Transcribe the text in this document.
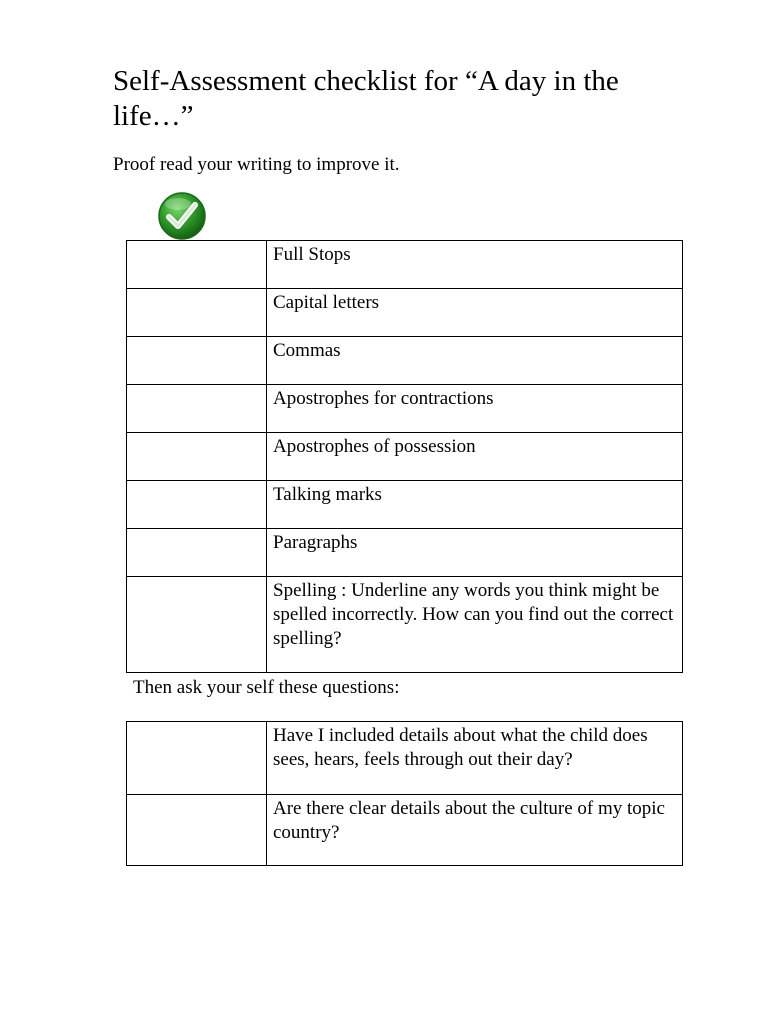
Self-Assessment checklist for “A day in the life…”

Proof read your writing to improve it.

	Full Stops
	Capital letters
	Commas
	Apostrophes for contractions
	Apostrophes of possession
	Talking marks
	Paragraphs
	Spelling : Underline any words you think might be spelled incorrectly. How can you find out the correct spelling?

Then ask your self these questions:

	Have I included details about what the child does sees, hears, feels through out their day?
	Are there clear details about the culture of my topic country?
